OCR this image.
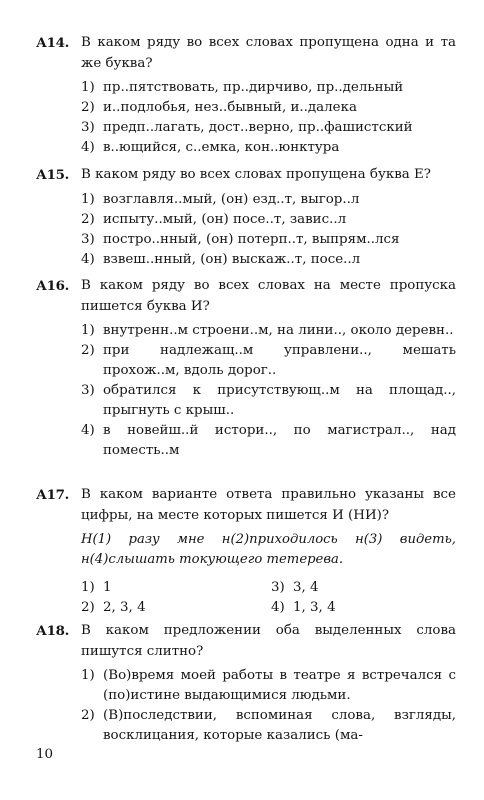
А14. В каком ряду во всех словах пропущена одна и та же буква?
1) пр..пятствовать, пр..дирчиво, пр..дельный
2) и..подлобья, нез..бывный, и..далека
3) предп..лагать, дост..верно, пр..фашистский
4) в..ющийся, с..емка, кон..юнктура
А15. В каком ряду во всех словах пропущена буква Е?
1) возглавля..мый, (он) езд..т, выгор..л
2) испыту..мый, (он) посе..т, завис..л
3) постро..нный, (он) потерп..т, выпрям..лся
4) взвеш..нный, (он) выскаж..т, посе..л
А16. В каком ряду во всех словах на месте пропуска пишется буква И?
1) внутренн..м строени..м, на лини.., около деревн..
2) при надлежащ..м управлени.., мешать прохож..м, вдоль дорог..
3) обратился к присутствующ..м на площад.., прыгнуть с крыш..
4) в новейш..й истори.., по магистрал.., над поместь..м
А17. В каком варианте ответа правильно указаны все цифры, на месте которых пишется И (НИ)?
Н(1) разу мне н(2)приходилось н(3) видеть, н(4)слышать токующего тетерева.
1) 1	3) 3, 4
2) 2, 3, 4	4) 1, 3, 4
А18. В каком предложении оба выделенных слова пишутся слитно?
1) (Во)время моей работы в театре я встречался с (по)истине выдающимися людьми.
2) (В)последствии, вспоминая слова, взгляды, восклицания, которые казались (ма-
10
